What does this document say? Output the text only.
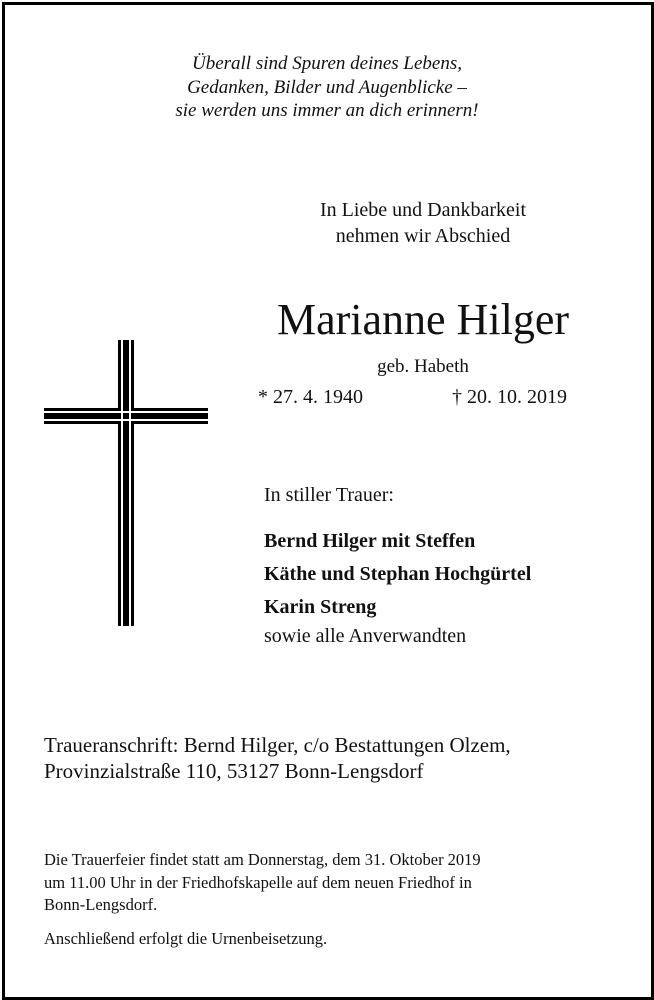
Überall sind Spuren deines Lebens,
Gedanken, Bilder und Augenblicke –
sie werden uns immer an dich erinnern!
In Liebe und Dankbarkeit
nehmen wir Abschied
Marianne Hilger
geb. Habeth
* 27. 4. 1940	† 20. 10. 2019
In stiller Trauer:
Bernd Hilger mit Steffen
Käthe und Stephan Hochgürtel
Karin Streng
sowie alle Anverwandten
Traueranschrift: Bernd Hilger, c/o Bestattungen Olzem,
Provinzialstraße 110, 53127 Bonn-Lengsdorf
Die Trauerfeier findet statt am Donnerstag, dem 31. Oktober 2019
um 11.00 Uhr in der Friedhofskapelle auf dem neuen Friedhof in
Bonn-Lengsdorf.
Anschließend erfolgt die Urnenbeisetzung.
